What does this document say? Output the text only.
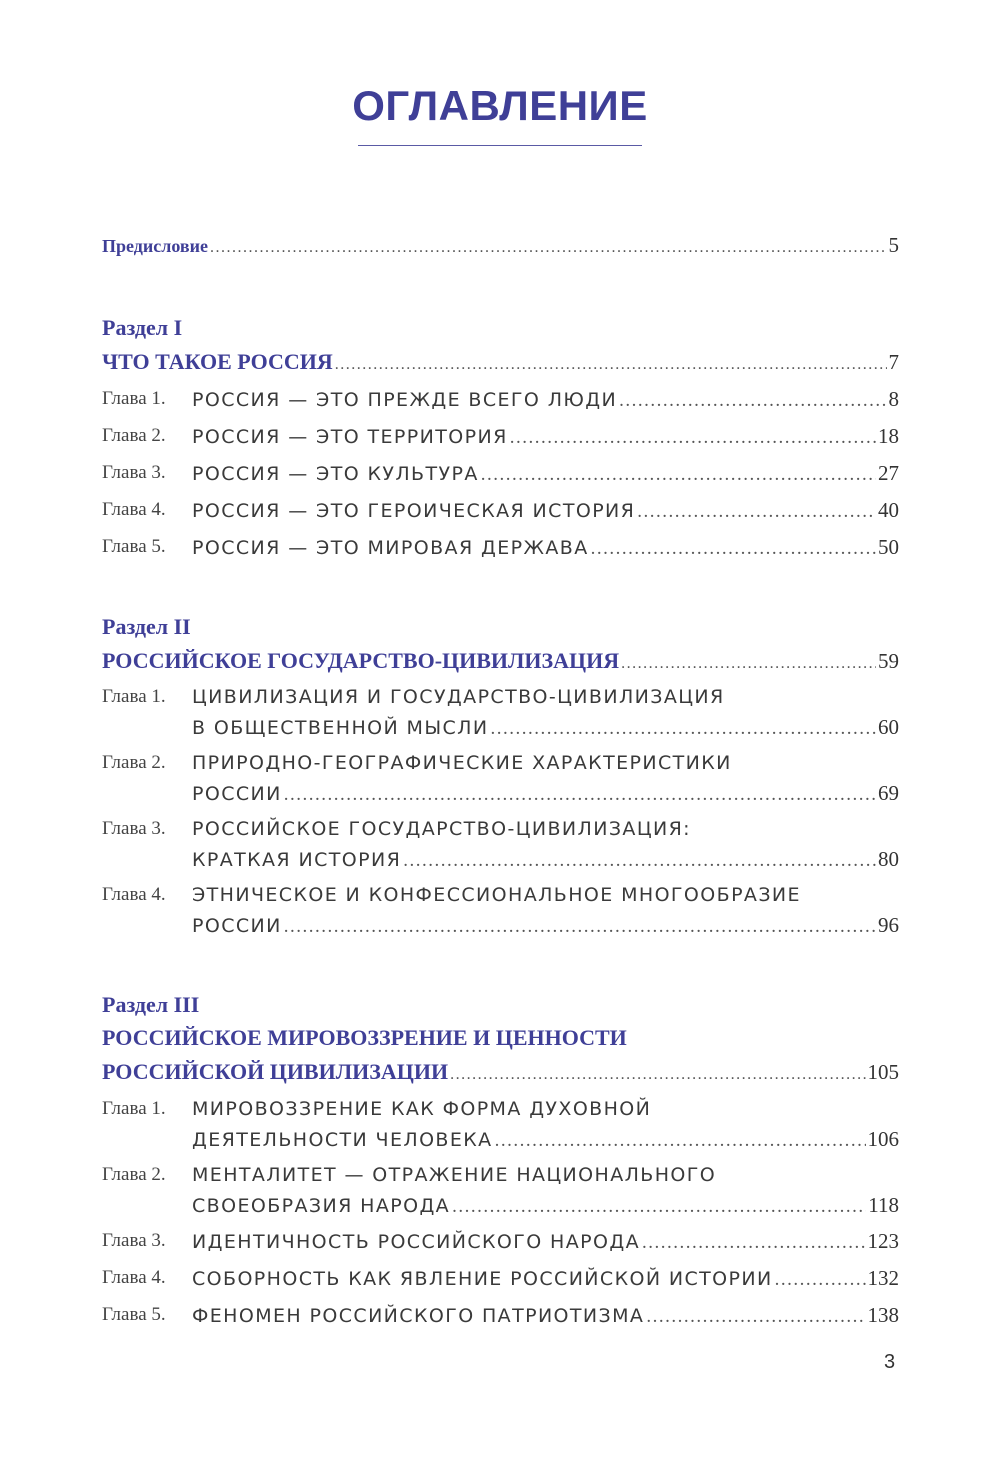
ОГЛАВЛЕНИЕ
Предисловие .....	5
Раздел I
ЧТО ТАКОЕ РОССИЯ .....	7
Глава 1.	РОССИЯ — ЭТО ПРЕЖДЕ ВСЕГО ЛЮДИ .....	8
Глава 2.	РОССИЯ — ЭТО ТЕРРИТОРИЯ .....	18
Глава 3.	РОССИЯ — ЭТО КУЛЬТУРА .....	27
Глава 4.	РОССИЯ — ЭТО ГЕРОИЧЕСКАЯ ИСТОРИЯ .....	40
Глава 5.	РОССИЯ — ЭТО МИРОВАЯ ДЕРЖАВА .....	50
Раздел II
РОССИЙСКОЕ ГОСУДАРСТВО-ЦИВИЛИЗАЦИЯ .....	59
Глава 1.	ЦИВИЛИЗАЦИЯ И ГОСУДАРСТВО-ЦИВИЛИЗАЦИЯ
В ОБЩЕСТВЕННОЙ МЫСЛИ .....	60
Глава 2.	ПРИРОДНО-ГЕОГРАФИЧЕСКИЕ ХАРАКТЕРИСТИКИ
РОССИИ .....	69
Глава 3.	РОССИЙСКОЕ ГОСУДАРСТВО-ЦИВИЛИЗАЦИЯ:
КРАТКАЯ ИСТОРИЯ .....	80
Глава 4.	ЭТНИЧЕСКОЕ И КОНФЕССИОНАЛЬНОЕ МНОГООБРАЗИЕ
РОССИИ .....	96
Раздел III
РОССИЙСКОЕ МИРОВОЗЗРЕНИЕ И ЦЕННОСТИ
РОССИЙСКОЙ ЦИВИЛИЗАЦИИ .....	105
Глава 1.	МИРОВОЗЗРЕНИЕ КАК ФОРМА ДУХОВНОЙ
ДЕЯТЕЛЬНОСТИ ЧЕЛОВЕКА .....	106
Глава 2.	МЕНТАЛИТЕТ — ОТРАЖЕНИЕ НАЦИОНАЛЬНОГО
СВОЕОБРАЗИЯ НАРОДА .....	118
Глава 3.	ИДЕНТИЧНОСТЬ РОССИЙСКОГО НАРОДА .....	123
Глава 4.	СОБОРНОСТЬ КАК ЯВЛЕНИЕ РОССИЙСКОЙ ИСТОРИИ .....	132
Глава 5.	ФЕНОМЕН РОССИЙСКОГО ПАТРИОТИЗМА .....	138
3
